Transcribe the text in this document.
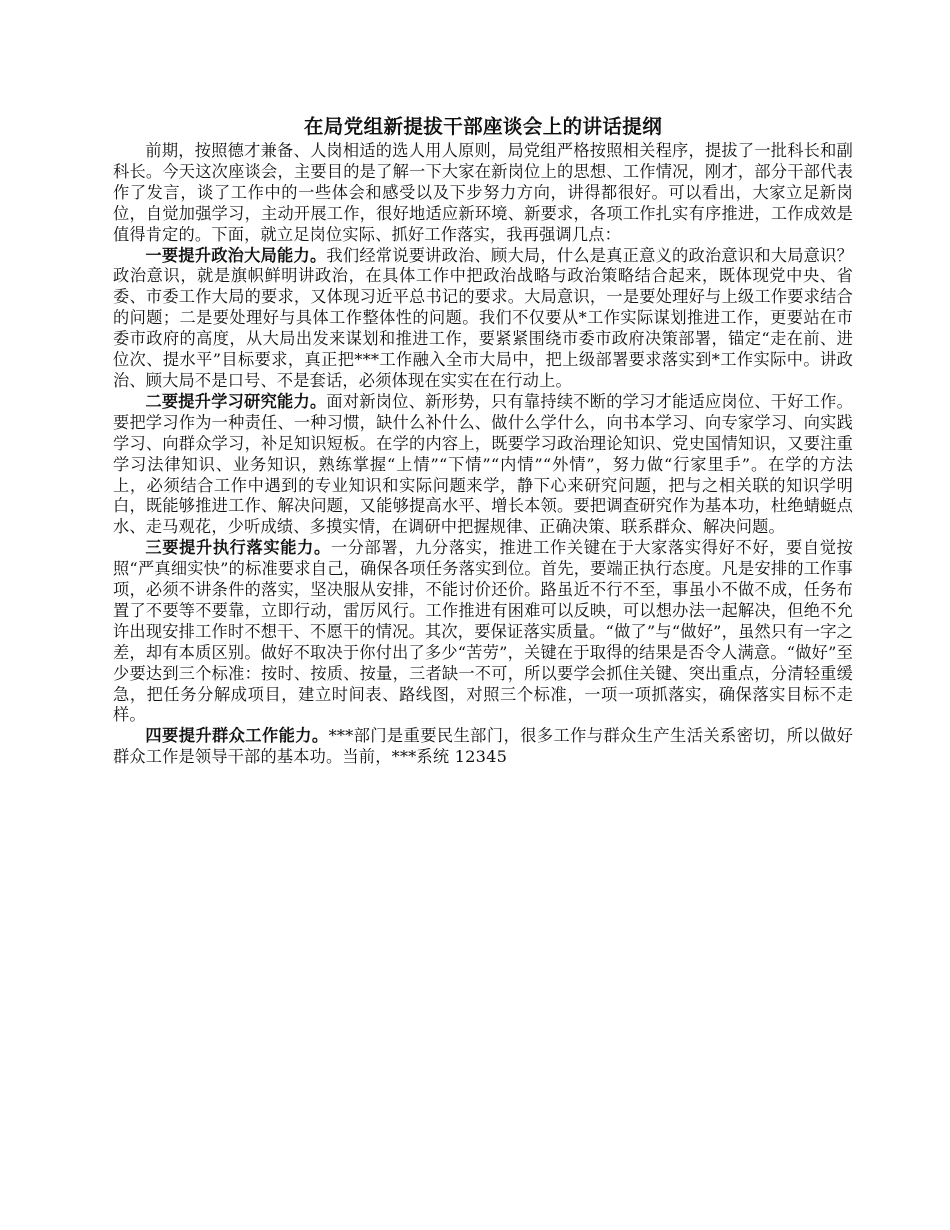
在局党组新提拔干部座谈会上的讲话提纲

前期，按照德才兼备、人岗相适的选人用人原则，局党组严格按照相关程序，提拔了一批科长和副科长。今天这次座谈会，主要目的是了解一下大家在新岗位上的思想、工作情况，刚才，部分干部代表作了发言，谈了工作中的一些体会和感受以及下步努力方向，讲得都很好。可以看出，大家立足新岗位，自觉加强学习，主动开展工作，很好地适应新环境、新要求，各项工作扎实有序推进，工作成效是值得肯定的。下面，就立足岗位实际、抓好工作落实，我再强调几点：

一要提升政治大局能力。我们经常说要讲政治、顾大局，什么是真正意义的政治意识和大局意识？政治意识，就是旗帜鲜明讲政治，在具体工作中把政治战略与政治策略结合起来，既体现党中央、省委、市委工作大局的要求，又体现习近平总书记的要求。大局意识，一是要处理好与上级工作要求结合的问题；二是要处理好与具体工作整体性的问题。我们不仅要从*工作实际谋划推进工作，更要站在市委市政府的高度，从大局出发来谋划和推进工作，要紧紧围绕市委市政府决策部署，锚定“走在前、进位次、提水平”目标要求，真正把***工作融入全市大局中，把上级部署要求落实到*工作实际中。讲政治、顾大局不是口号、不是套话，必须体现在实实在在行动上。

二要提升学习研究能力。面对新岗位、新形势，只有靠持续不断的学习才能适应岗位、干好工作。要把学习作为一种责任、一种习惯，缺什么补什么、做什么学什么，向书本学习、向专家学习、向实践学习、向群众学习，补足知识短板。在学的内容上，既要学习政治理论知识、党史国情知识，又要注重学习法律知识、业务知识，熟练掌握“上情”“下情”“内情”“外情”，努力做“行家里手”。在学的方法上，必须结合工作中遇到的专业知识和实际问题来学，静下心来研究问题，把与之相关联的知识学明白，既能够推进工作、解决问题，又能够提高水平、增长本领。要把调查研究作为基本功，杜绝蜻蜓点水、走马观花，少听成绩、多摸实情，在调研中把握规律、正确决策、联系群众、解决问题。

三要提升执行落实能力。一分部署，九分落实，推进工作关键在于大家落实得好不好，要自觉按照“严真细实快”的标准要求自己，确保各项任务落实到位。首先，要端正执行态度。凡是安排的工作事项，必须不讲条件的落实，坚决服从安排，不能讨价还价。路虽近不行不至，事虽小不做不成，任务布置了不要等不要靠，立即行动，雷厉风行。工作推进有困难可以反映，可以想办法一起解决，但绝不允许出现安排工作时不想干、不愿干的情况。其次，要保证落实质量。“做了”与“做好”，虽然只有一字之差，却有本质区别。做好不取决于你付出了多少“苦劳”，关键在于取得的结果是否令人满意。“做好”至少要达到三个标准：按时、按质、按量，三者缺一不可，所以要学会抓住关键、突出重点，分清轻重缓急，把任务分解成项目，建立时间表、路线图，对照三个标准，一项一项抓落实，确保落实目标不走样。

四要提升群众工作能力。***部门是重要民生部门，很多工作与群众生产生活关系密切，所以做好群众工作是领导干部的基本功。当前，***系统 12345
